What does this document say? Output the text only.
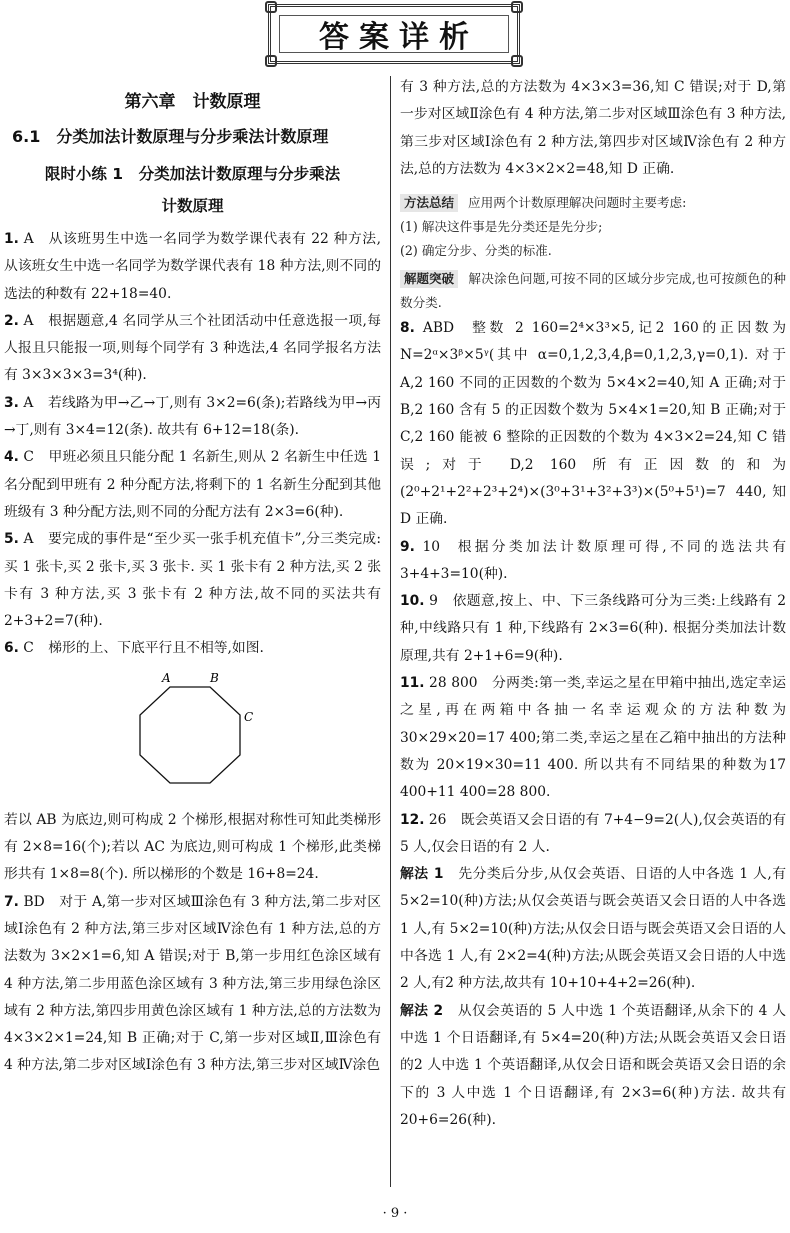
答案详析
第六章　计数原理
6.1　分类加法计数原理与分步乘法计数原理
限时小练 1　分类加法计数原理与分步乘法
计数原理

1. A 从该班男生中选一名同学为数学课代表有 22 种方法,从该班女生中选一名同学为数学课代表有 18 种方法,则不同的选法的种数有 22+18=40.

2. A 根据题意,4 名同学从三个社团活动中任意选报一项,每人报且只能报一项,则每个同学有 3 种选法,4 名同学报名方法有 3×3×3×3=3⁴(种).

3. A 若线路为甲→乙→丁,则有 3×2=6(条);若路线为甲→丙→丁,则有 3×4=12(条). 故共有 6+12=18(条).

4. C 甲班必须且只能分配 1 名新生,则从 2 名新生中任选 1 名分配到甲班有 2 种分配方法,将剩下的 1 名新生分配到其他班级有 3 种分配方法,则不同的分配方法有 2×3=6(种).

5. A 要完成的事件是“至少买一张手机充值卡”,分三类完成:买 1 张卡,买 2 张卡,买 3 张卡. 买 1 张卡有 2 种方法,买 2 张卡有 3 种方法,买 3 张卡有 2 种方法,故不同的买法共有 2+3+2=7(种).

6. C 梯形的上、下底平行且不相等,如图.

A	B
C

若以 AB 为底边,则可构成 2 个梯形,根据对称性可知此类梯形有 2×8=16(个);若以 AC 为底边,则可构成 1 个梯形,此类梯形共有 1×8=8(个). 所以梯形的个数是 16+8=24.

7. BD 对于 A,第一步对区域Ⅲ涂色有 3 种方法,第二步对区域Ⅰ涂色有 2 种方法,第三步对区域Ⅳ涂色有 1 种方法,总的方法数为 3×2×1=6,知 A 错误;对于 B,第一步用红色涂区域有 4 种方法,第二步用蓝色涂区域有 3 种方法,第三步用绿色涂区域有 2 种方法,第四步用黄色涂区域有 1 种方法,总的方法数为 4×3×2×1=24,知 B 正确;对于 C,第一步对区域Ⅱ,Ⅲ涂色有 4 种方法,第二步对区域Ⅰ涂色有 3 种方法,第三步对区域Ⅳ涂色

有 3 种方法,总的方法数为 4×3×3=36,知 C 错误;对于 D,第一步对区域Ⅱ涂色有 4 种方法,第二步对区域Ⅲ涂色有 3 种方法,第三步对区域Ⅰ涂色有 2 种方法,第四步对区域Ⅳ涂色有 2 种方法,总的方法数为 4×3×2×2=48,知 D 正确.

方法总结 应用两个计数原理解决问题时主要考虑:
(1) 解决这件事是先分类还是先分步;
(2) 确定分步、分类的标准.
解题突破 解决涂色问题,可按不同的区域分步完成,也可按颜色的种数分类.

8. ABD 整数 2 160=2⁴×3³×5,记2 160的正因数为 N=2ᵅ×3ᵝ×5ᵞ(其中 α=0,1,2,3,4,β=0,1,2,3,γ=0,1). 对于 A,2 160 不同的正因数的个数为 5×4×2=40,知 A 正确;对于 B,2 160 含有 5 的正因数个数为 5×4×1=20,知 B 正确;对于 C,2 160 能被 6 整除的正因数的个数为 4×3×2=24,知 C 错误;对于 D,2 160 所有正因数的和为(2⁰+2¹+2²+2³+2⁴)×(3⁰+3¹+3²+3³)×(5⁰+5¹)=7 440,知 D 正确.

9. 10 根据分类加法计数原理可得,不同的选法共有 3+4+3=10(种).

10. 9 依题意,按上、中、下三条线路可分为三类:上线路有 2 种,中线路只有 1 种,下线路有 2×3=6(种). 根据分类加法计数原理,共有 2+1+6=9(种).

11. 28 800 分两类:第一类,幸运之星在甲箱中抽出,选定幸运之星,再在两箱中各抽一名幸运观众的方法种数为 30×29×20=17 400;第二类,幸运之星在乙箱中抽出的方法种数为 20×19×30=11 400. 所以共有不同结果的种数为17 400+11 400=28 800.

12. 26 既会英语又会日语的有 7+4−9=2(人),仅会英语的有 5 人,仅会日语的有 2 人.

解法 1 先分类后分步,从仅会英语、日语的人中各选 1 人,有 5×2=10(种)方法;从仅会英语与既会英语又会日语的人中各选 1 人,有 5×2=10(种)方法;从仅会日语与既会英语又会日语的人中各选 1 人,有 2×2=4(种)方法;从既会英语又会日语的人中选 2 人,有2 种方法,故共有 10+10+4+2=26(种).

解法 2 从仅会英语的 5 人中选 1 个英语翻译,从余下的 4 人中选 1 个日语翻译,有 5×4=20(种)方法;从既会英语又会日语的2 人中选 1 个英语翻译,从仅会日语和既会英语又会日语的余下的 3 人中选 1 个日语翻译,有 2×3=6(种)方法. 故共有 20+6=26(种).

· 9 ·
